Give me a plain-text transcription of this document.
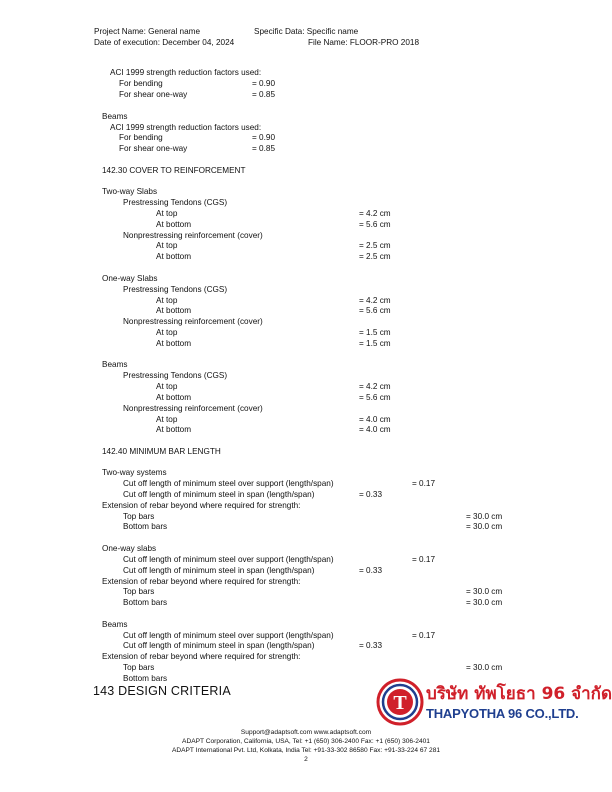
Project Name: General name	Specific Data: Specific name
Date of execution: December 04, 2024	File Name: FLOOR-PRO 2018
ACI 1999 strength reduction factors used:
For bending	= 0.90
For shear one-way	= 0.85
Beams
ACI 1999 strength reduction factors used:
For bending	= 0.90
For shear one-way	= 0.85
142.30 COVER TO REINFORCEMENT
Two-way Slabs
Prestressing Tendons (CGS)
At top	= 4.2 cm
At bottom	= 5.6 cm
Nonprestressing reinforcement (cover)
At top	= 2.5 cm
At bottom	= 2.5 cm
One-way Slabs
Prestressing Tendons (CGS)
At top	= 4.2 cm
At bottom	= 5.6 cm
Nonprestressing reinforcement (cover)
At top	= 1.5 cm
At bottom	= 1.5 cm
Beams
Prestressing Tendons (CGS)
At top	= 4.2 cm
At bottom	= 5.6 cm
Nonprestressing reinforcement (cover)
At top	= 4.0 cm
At bottom	= 4.0 cm
142.40 MINIMUM BAR LENGTH
Two-way systems
Cut off length of minimum steel over support (length/span)	= 0.17
Cut off length of minimum steel in span (length/span)	= 0.33
Extension of rebar beyond where required for strength:
Top bars	= 30.0 cm
Bottom bars	= 30.0 cm
One-way slabs
Cut off length of minimum steel over support (length/span)	= 0.17
Cut off length of minimum steel in span (length/span)	= 0.33
Extension of rebar beyond where required for strength:
Top bars	= 30.0 cm
Bottom bars	= 30.0 cm
Beams
Cut off length of minimum steel over support (length/span)	= 0.17
Cut off length of minimum steel in span (length/span)	= 0.33
Extension of rebar beyond where required for strength:
Top bars	= 30.0 cm
Bottom bars
143 DESIGN CRITERIA
T บริษัท ทัพโยธา 96 จำกัด
THAPYOTHA 96 CO.,LTD.
Support@adaptsoft.com www.adaptsoft.com
ADAPT Corporation, California, USA, Tel: +1 (650) 306-2400 Fax: +1 (650) 306-2401
ADAPT International Pvt. Ltd, Kolkata, India Tel: +91-33-302 86580 Fax: +91-33-224 67 281
2
